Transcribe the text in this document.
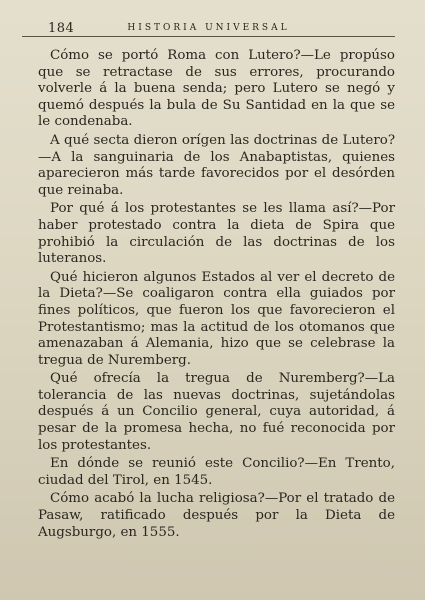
184	HISTORIA UNIVERSAL

Cómo se portó Roma con Lutero?—Le propúso que se retractase de sus errores, procurando volverle á la buena senda; pero Lutero se negó y quemó después la bula de Su Santidad en la que se le condenaba.

A qué secta dieron orígen las doctrinas de Lutero?—A la sanguinaria de los Anabaptistas, quienes aparecieron más tarde favorecidos por el desórden que reinaba.

Por qué á los protestantes se les llama así?—Por haber protestado contra la dieta de Spira que prohibió la circulación de las doctrinas de los luteranos.

Qué hicieron algunos Estados al ver el decreto de la Dieta?—Se coaligaron contra ella guiados por fines políticos, que fueron los que favorecieron el Protestantismo; mas la actitud de los otomanos que amenazaban á Alemania, hizo que se celebrase la tregua de Nuremberg.

Qué ofrecía la tregua de Nuremberg?—La tolerancia de las nuevas doctrinas, sujetándolas después á un Concilio general, cuya autoridad, á pesar de la promesa hecha, no fué reconocida por los protestantes.

En dónde se reunió este Concilio?—En Trento, ciudad del Tirol, en 1545.

Cómo acabó la lucha religiosa?—Por el tratado de Pasaw, ratificado después por la Dieta de Augsburgo, en 1555.
